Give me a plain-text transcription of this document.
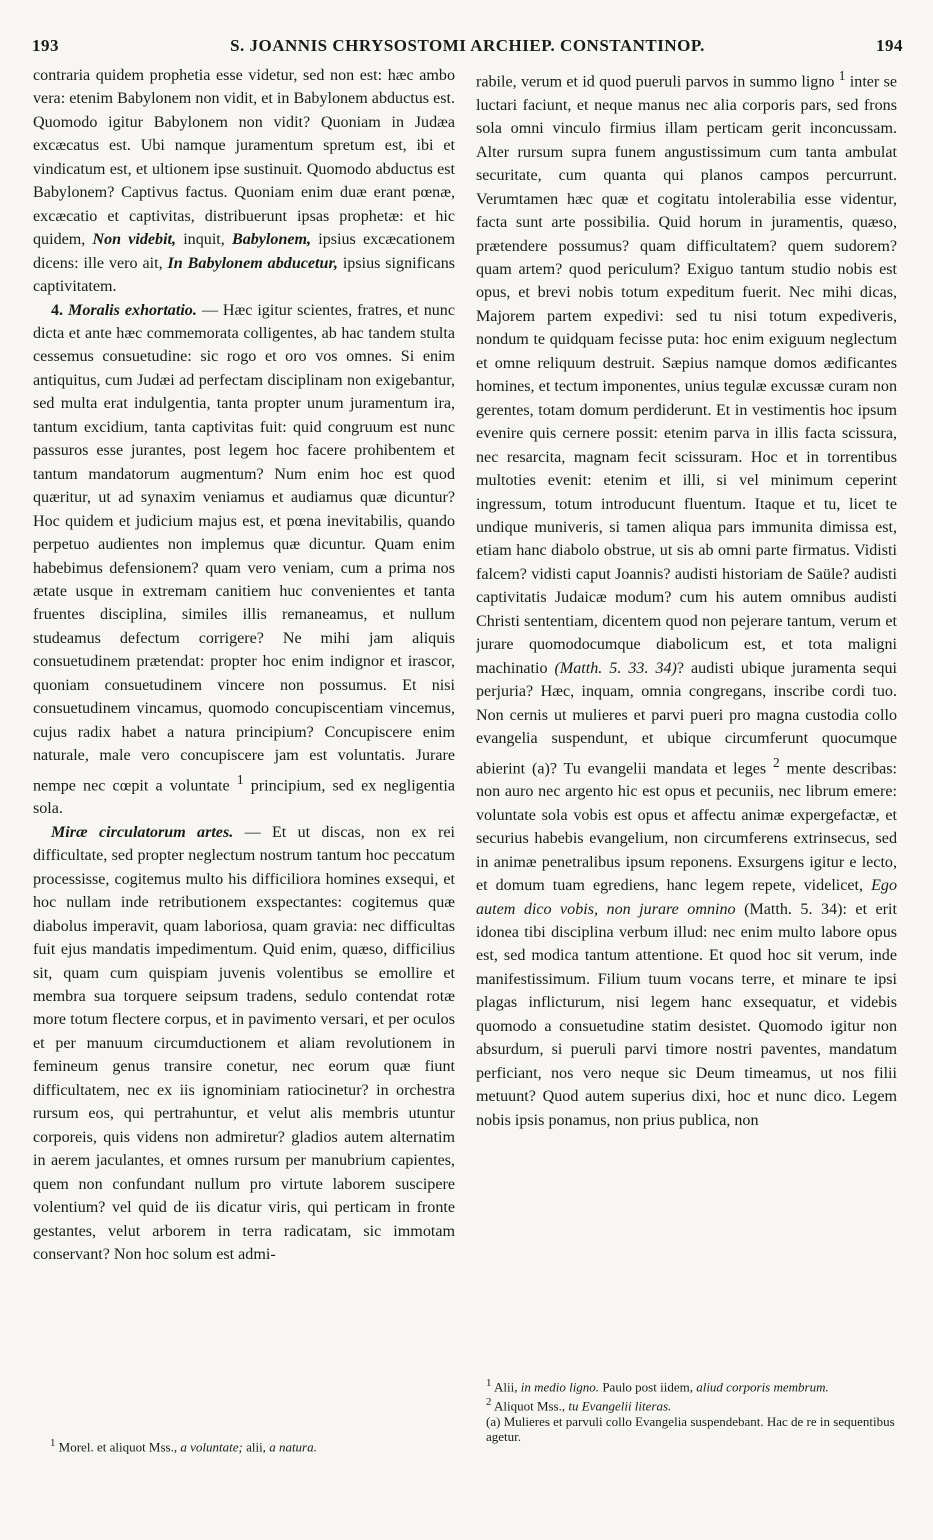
193	S. JOANNIS CHRYSOSTOMI ARCHIEP. CONSTANTINOP.	194

contraria quidem prophetia esse videtur, sed non est: hæc ambo vera: etenim Babylonem non vidit, et in Babylonem abductus est. Quomodo igitur Babylonem non vidit? Quoniam in Judæa excæcatus est. Ubi namque juramentum spretum est, ibi et vindicatum est, et ultionem ipse sustinuit. Quomodo abductus est Babylonem? Captivus factus. Quoniam enim duæ erant pœnæ, excæcatio et captivitas, distribuerunt ipsas prophetæ: et hic quidem, Non videbit, inquit, Babylonem, ipsius excæcationem dicens: ille vero ait, In Babylonem abducetur, ipsius significans captivitatem.

4. Moralis exhortatio. — Hæc igitur scientes, fratres, et nunc dicta et ante hæc commemorata colligentes, ab hac tandem stulta cessemus consuetudine: sic rogo et oro vos omnes. Si enim antiquitus, cum Judæi ad perfectam disciplinam non exigebantur, sed multa erat indulgentia, tanta propter unum juramentum ira, tantum excidium, tanta captivitas fuit: quid congruum est nunc passuros esse jurantes, post legem hoc facere prohibentem et tantum mandatorum augmentum? Num enim hoc est quod quæritur, ut ad synaxim veniamus et audiamus quæ dicuntur? Hoc quidem et judicium majus est, et pœna inevitabilis, quando perpetuo audientes non implemus quæ dicuntur. Quam enim habebimus defensionem? quam vero veniam, cum a prima nos ætate usque in extremam canitiem huc convenientes et tanta fruentes disciplina, similes illis remaneamus, et nullum studeamus defectum corrigere? Ne mihi jam aliquis consuetudinem prætendat: propter hoc enim indignor et irascor, quoniam consuetudinem vincere non possumus. Et nisi consuetudinem vincamus, quomodo concupiscentiam vincemus, cujus radix habet a natura principium? Concupiscere enim naturale, male vero concupiscere jam est voluntatis. Jurare nempe nec cœpit a voluntate $^1$ principium, sed ex negligentia sola.

Miræ circulatorum artes. — Et ut discas, non ex rei difficultate, sed propter neglectum nostrum tantum hoc peccatum processisse, cogitemus multo his difficiliora homines exsequi, et hoc nullam inde retributionem exspectantes: cogitemus quæ diabolus imperavit, quam laboriosa, quam gravia: nec difficultas fuit ejus mandatis impedimentum. Quid enim, quæso, difficilius sit, quam cum quispiam juvenis volentibus se emollire et membra sua torquere seipsum tradens, sedulo contendat rotæ more totum flectere corpus, et in pavimento versari, et per oculos et per manuum circumductionem et aliam revolutionem in femineum genus transire conetur, nec eorum quæ fiunt difficultatem, nec ex iis ignominiam ratiocinetur? in orchestra rursum eos, qui pertrahuntur, et velut alis membris utuntur corporeis, quis videns non admiretur? gladios autem alternatim in aerem jaculantes, et omnes rursum per manubrium capientes, quem non confundant nullum pro virtute laborem suscipere volentium? vel quid de iis dicatur viris, qui perticam in fronte gestantes, velut arborem in terra radicatam, sic immotam conservant? Non hoc solum est admi-

rabile, verum et id quod pueruli parvos in summo ligno $^1$ inter se luctari faciunt, et neque manus nec alia corporis pars, sed frons sola omni vinculo firmius illam perticam gerit inconcussam. Alter rursum supra funem angustissimum cum tanta ambulat securitate, cum quanta qui planos campos percurrunt. Verumtamen hæc quæ et cogitatu intolerabilia esse videntur, facta sunt arte possibilia. Quid horum in juramentis, quæso, prætendere possumus? quam difficultatem? quem sudorem? quam artem? quod periculum? Exiguo tantum studio nobis est opus, et brevi nobis totum expeditum fuerit. Nec mihi dicas, Majorem partem expedivi: sed tu nisi totum expediveris, nondum te quidquam fecisse puta: hoc enim exiguum neglectum et omne reliquum destruit. Sæpius namque domos ædificantes homines, et tectum imponentes, unius tegulæ excussæ curam non gerentes, totam domum perdiderunt. Et in vestimentis hoc ipsum evenire quis cernere possit: etenim parva in illis facta scissura, nec resarcita, magnam fecit scissuram. Hoc et in torrentibus multoties evenit: etenim et illi, si vel minimum ceperint ingressum, totum introducunt fluentum. Itaque et tu, licet te undique muniveris, si tamen aliqua pars immunita dimissa est, etiam hanc diabolo obstrue, ut sis ab omni parte firmatus. Vidisti falcem? vidisti caput Joannis? audisti historiam de Saüle? audisti captivitatis Judaicæ modum? cum his autem omnibus audisti Christi sententiam, dicentem quod non pejerare tantum, verum et jurare quomodocumque diabolicum est, et tota maligni machinatio (Matth. 5. 33. 34)? audisti ubique juramenta sequi perjuria? Hæc, inquam, omnia congregans, inscribe cordi tuo. Non cernis ut mulieres et parvi pueri pro magna custodia collo evangelia suspendunt, et ubique circumferunt quocumque abierint (a)? Tu evangelii mandata et leges $^2$ mente describas: non auro nec argento hic est opus et pecuniis, nec librum emere: voluntate sola vobis est opus et affectu animæ expergefactæ, et securius habebis evangelium, non circumferens extrinsecus, sed in animæ penetralibus ipsum reponens. Exsurgens igitur e lecto, et domum tuam egrediens, hanc legem repete, videlicet, Ego autem dico vobis, non jurare omnino (Matth. 5. 34): et erit idonea tibi disciplina verbum illud: nec enim multo labore opus est, sed modica tantum attentione. Et quod hoc sit verum, inde manifestissimum. Filium tuum vocans terre, et minare te ipsi plagas inflicturum, nisi legem hanc exsequatur, et videbis quomodo a consuetudine statim desistet. Quomodo igitur non absurdum, si pueruli parvi timore nostri paventes, mandatum perficiant, nos vero neque sic Deum timeamus, ut nos filii metuunt? Quod autem superius dixi, hoc et nunc dico. Legem nobis ipsis ponamus, non prius publica, non

$^1$ Morel. et aliquot Mss., a voluntate; alii, a natura.
$^1$ Alii, in medio ligno. Paulo post iidem, aliud corporis membrum.
$^2$ Aliquot Mss., tu Evangelii literas.
(a) Mulieres et parvuli collo Evangelia suspendebant. Hac de re in sequentibus agetur.
